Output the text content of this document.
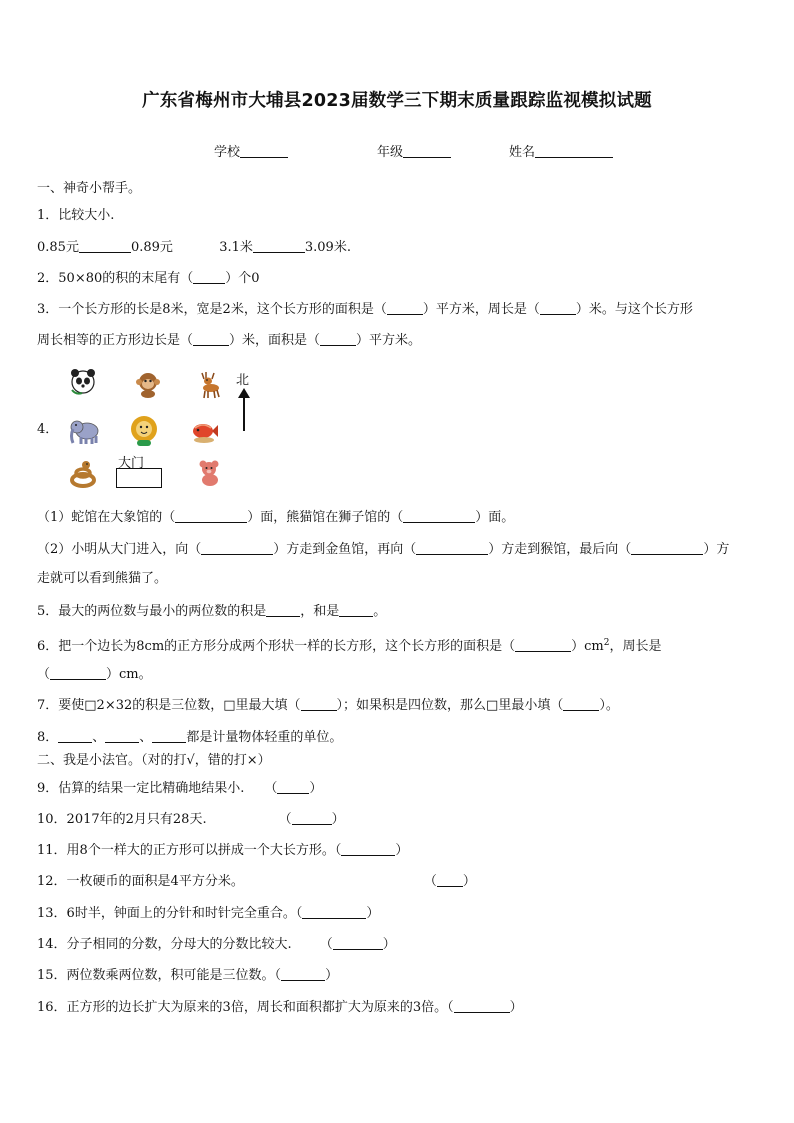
广东省梅州市大埔县2023届数学三下期末质量跟踪监视模拟试题
学校	年级	姓名
一、神奇小帮手。
1．比较大小.
0.85元	0.89元	3.1米	3.09米.
2．50×80的积的末尾有（ ）个0
3．一个长方形的长是8米，宽是2米，这个长方形的面积是（	）平方米，周长是（	）米。与这个长方形
周长相等的正方形边长是（	）米，面积是（	）平方米。
4．
北
大门
（1）蛇馆在大象馆的（	）面，熊猫馆在狮子馆的（	）面。
（2）小明从大门进入，向（	）方走到金鱼馆，再向（	）方走到猴馆，最后向（	）方
走就可以看到熊猫了。
5．最大的两位数与最小的两位数的积是	，和是	。
6．把一个边长为8cm的正方形分成两个形状一样的长方形，这个长方形的面积是（	）$cm^2$，周长是
（	）cm。
7．要使□2×32的积是三位数，□里最大填（	）；如果积是四位数，那么□里最小填（	）。
8．	、	、	都是计量物体轻重的单位。
二、我是小法官。（对的打√，错的打×）
9．估算的结果一定比精确地结果小. （ ）
10．2017年的2月只有28天.	（	）
11．用8个一样大的正方形可以拼成一个大长方形。（	）
12．一枚硬币的面积是4平方分米。	（ ）
13．6时半，钟面上的分针和时针完全重合。（	）
14．分子相同的分数，分母大的分数比较大. （	）
15．两位数乘两位数，积可能是三位数。（	）
16．正方形的边长扩大为原来的3倍，周长和面积都扩大为原来的3倍。（	）
